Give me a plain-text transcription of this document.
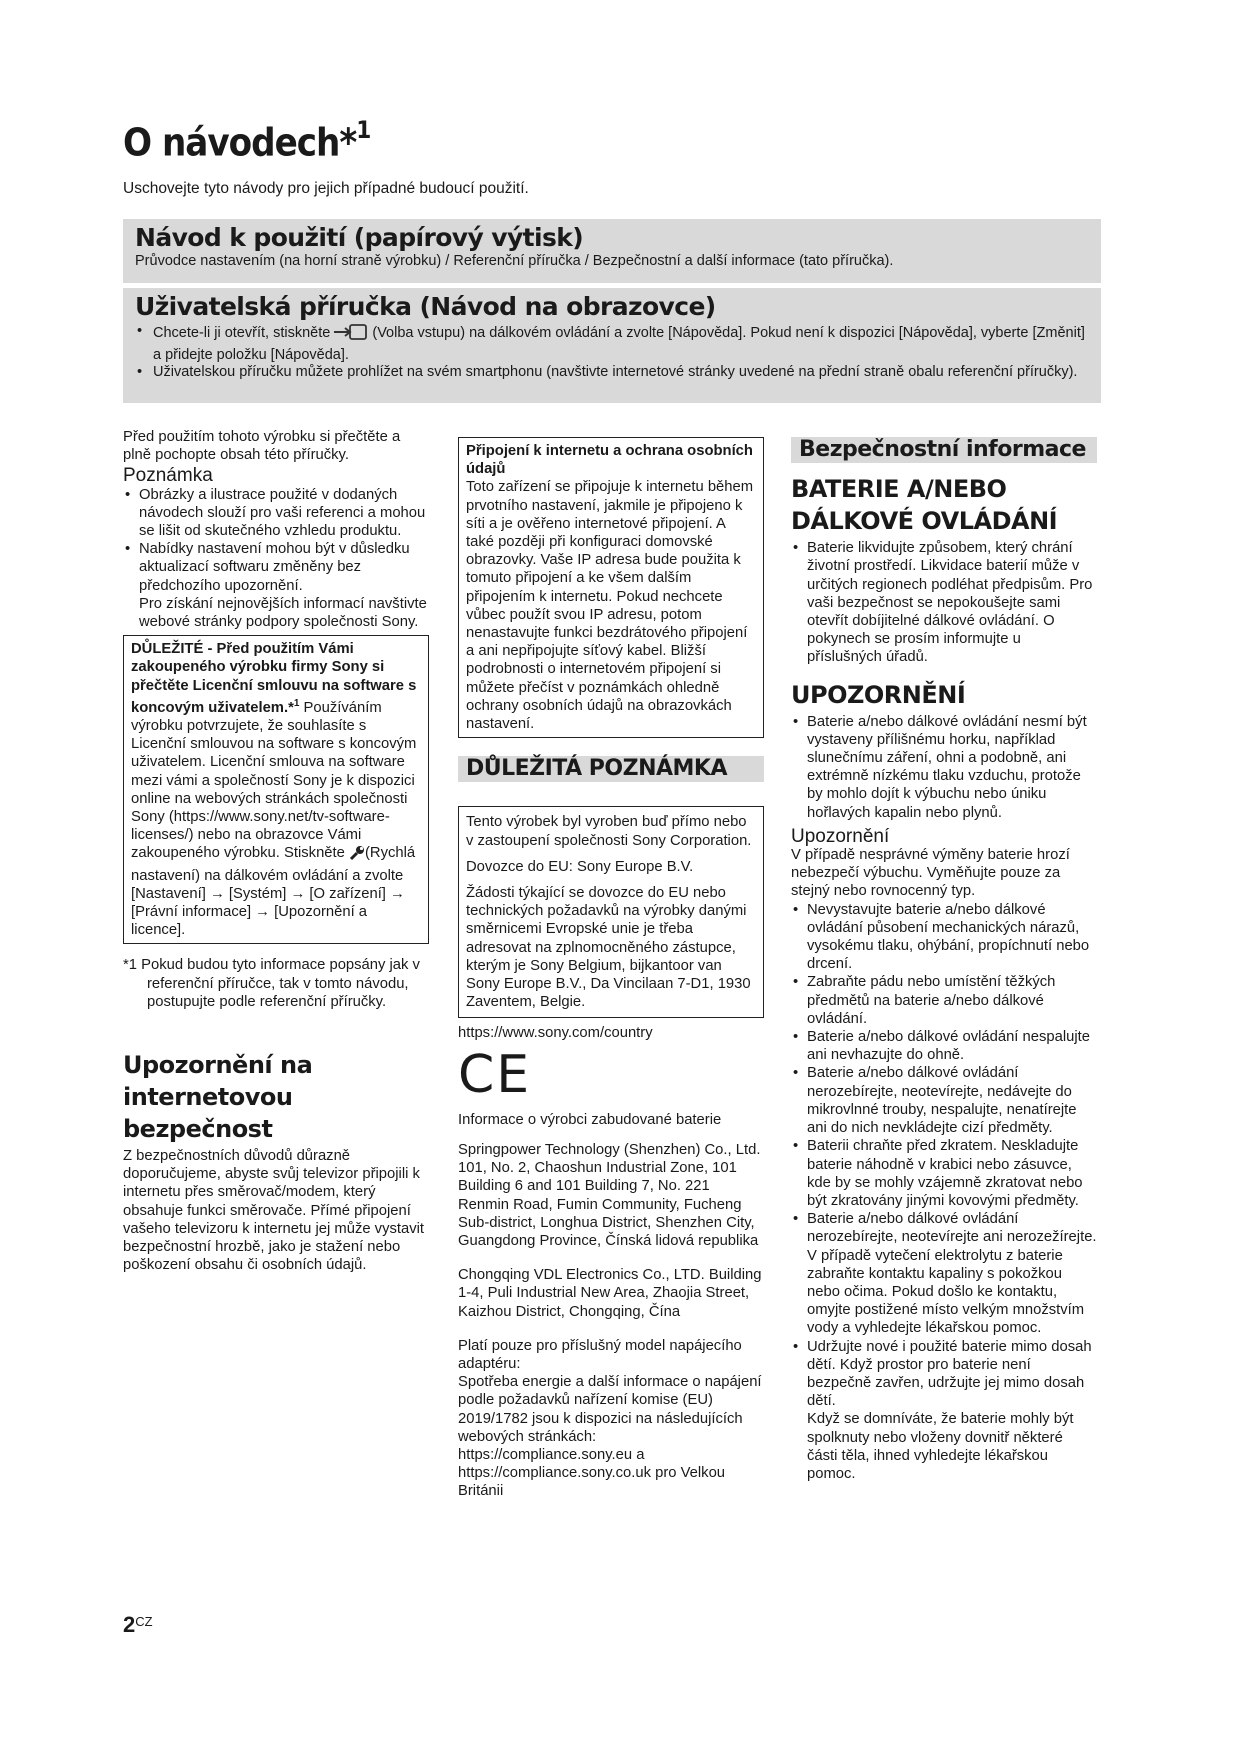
O návodech*$^1$

Uschovejte tyto návody pro jejich případné budoucí použití.

Návod k použití (papírový výtisk)

Průvodce nastavením (na horní straně výrobku) / Referenční příručka / Bezpečnostní a další informace (tato příručka).

Uživatelská příručka (Návod na obrazovce)
• Chcete-li ji otevřít, stiskněte	(Volba vstupu) na dálkovém ovládání a zvolte [Nápověda]. Pokud není k dispozici [Nápověda], vyberte [Změnit] a přidejte položku [Nápověda].
• Uživatelskou příručku můžete prohlížet na svém smartphonu (navštivte internetové stránky uvedené na přední straně obalu referenční příručky).

Před použitím tohoto výrobku si přečtěte a plně pochopte obsah této příručky.

Poznámka
• Obrázky a ilustrace použité v dodaných návodech slouží pro vaši referenci a mohou se lišit od skutečného vzhledu produktu.
• Nabídky nastavení mohou být v důsledku aktualizací softwaru změněny bez předchozího upozornění.

Pro získání nejnovějších informací navštivte webové stránky podpory společnosti Sony.

DŮLEŽITÉ - Před použitím Vámi zakoupeného výrobku firmy Sony si přečtěte Licenční smlouvu na software s koncovým uživatelem.*$^1$ Používáním výrobku potvrzujete, že souhlasíte s Licenční smlouvou na software s koncovým uživatelem. Licenční smlouva na software mezi vámi a společností Sony je k dispozici online na webových stránkách společnosti Sony (https://www.sony.net/tv-software-licenses/) nebo na obrazovce Vámi zakoupeného výrobku. Stiskněte (Rychlá nastavení) na dálkovém ovládání a zvolte [Nastavení] → [Systém] → [O zařízení] → [Právní informace] → [Upozornění a licence].

*1 Pokud budou tyto informace popsány jak v referenční příručce, tak v tomto návodu, postupujte podle referenční příručky.

Upozornění na internetovou bezpečnost

Z bezpečnostních důvodů důrazně doporučujeme, abyste svůj televizor připojili k internetu přes směrovač/modem, který obsahuje funkci směrovače. Přímé připojení vašeho televizoru k internetu jej může vystavit bezpečnostní hrozbě, jako je stažení nebo poškození obsahu či osobních údajů.

Připojení k internetu a ochrana osobních údajů

Toto zařízení se připojuje k internetu během prvotního nastavení, jakmile je připojeno k síti a je ověřeno internetové připojení. A také později při konfiguraci domovské obrazovky. Vaše IP adresa bude použita k tomuto připojení a ke všem dalším připojením k internetu. Pokud nechcete vůbec použít svou IP adresu, potom nenastavujte funkci bezdrátového připojení a ani nepřipojujte síťový kabel. Bližší podrobnosti o internetovém připojení si můžete přečíst v poznámkách ohledně ochrany osobních údajů na obrazovkách nastavení.

DŮLEŽITÁ POZNÁMKA

Tento výrobek byl vyroben buď přímo nebo v zastoupení společnosti Sony Corporation.

Dovozce do EU: Sony Europe B.V.

Žádosti týkající se dovozce do EU nebo technických požadavků na výrobky danými směrnicemi Evropské unie je třeba adresovat na zplnomocněného zástupce, kterým je Sony Belgium, bijkantoor van Sony Europe B.V., Da Vincilaan 7-D1, 1930 Zaventem, Belgie.

https://www.sony.com/country

CE

Informace o výrobci zabudované baterie

Springpower Technology (Shenzhen) Co., Ltd.

101, No. 2, Chaoshun Industrial Zone, 101 Building 6 and 101 Building 7, No. 221 Renmin Road, Fumin Community, Fucheng Sub-district, Longhua District, Shenzhen City, Guangdong Province, Čínská lidová republika

Chongqing VDL Electronics Co., LTD. Building 1-4, Puli Industrial New Area, Zhaojia Street, Kaizhou District, Chongqing, Čína

Platí pouze pro příslušný model napájecího adaptéru:

Spotřeba energie a další informace o napájení podle požadavků nařízení komise (EU) 2019/1782 jsou k dispozici na následujících webových stránkách: https://compliance.sony.eu a https://compliance.sony.co.uk pro Velkou Británii

Bezpečnostní informace
BATERIE A/NEBO DÁLKOVÉ OVLÁDÁNÍ
• Baterie likvidujte způsobem, který chrání životní prostředí. Likvidace baterií může v určitých regionech podléhat předpisům. Pro vaši bezpečnost se nepokoušejte sami otevřít dobíjitelné dálkové ovládání. O pokynech se prosím informujte u příslušných úřadů.
UPOZORNĚNÍ
• Baterie a/nebo dálkové ovládání nesmí být vystaveny přílišnému horku, například slunečnímu záření, ohni a podobně, ani extrémně nízkému tlaku vzduchu, protože by mohlo dojít k výbuchu nebo úniku hořlavých kapalin nebo plynů.
Upozornění

V případě nesprávné výměny baterie hrozí nebezpečí výbuchu. Vyměňujte pouze za stejný nebo rovnocenný typ.

• Nevystavujte baterie a/nebo dálkové ovládání působení mechanických nárazů, vysokému tlaku, ohýbání, propíchnutí nebo drcení.
• Zabraňte pádu nebo umístění těžkých předmětů na baterie a/nebo dálkové ovládání.
• Baterie a/nebo dálkové ovládání nespalujte ani nevhazujte do ohně.
• Baterie a/nebo dálkové ovládání nerozebírejte, neotevírejte, nedávejte do mikrovlnné trouby, nespalujte, nenatírejte ani do nich nevkládejte cizí předměty.
• Baterii chraňte před zkratem. Neskladujte baterie náhodně v krabici nebo zásuvce, kde by se mohly vzájemně zkratovat nebo být zkratovány jinými kovovými předměty.
• Baterie a/nebo dálkové ovládání nerozebírejte, neotevírejte ani nerozežírejte. V případě vytečení elektrolytu z baterie zabraňte kontaktu kapaliny s pokožkou nebo očima. Pokud došlo ke kontaktu, omyjte postižené místo velkým množstvím vody a vyhledejte lékařskou pomoc.
• Udržujte nové i použité baterie mimo dosah dětí. Když prostor pro baterie není bezpečně zavřen, udržujte jej mimo dosah dětí.

Když se domníváte, že baterie mohly být spolknuty nebo vloženy dovnitř některé části těla, ihned vyhledejte lékařskou pomoc.

$2_{CZ}$
